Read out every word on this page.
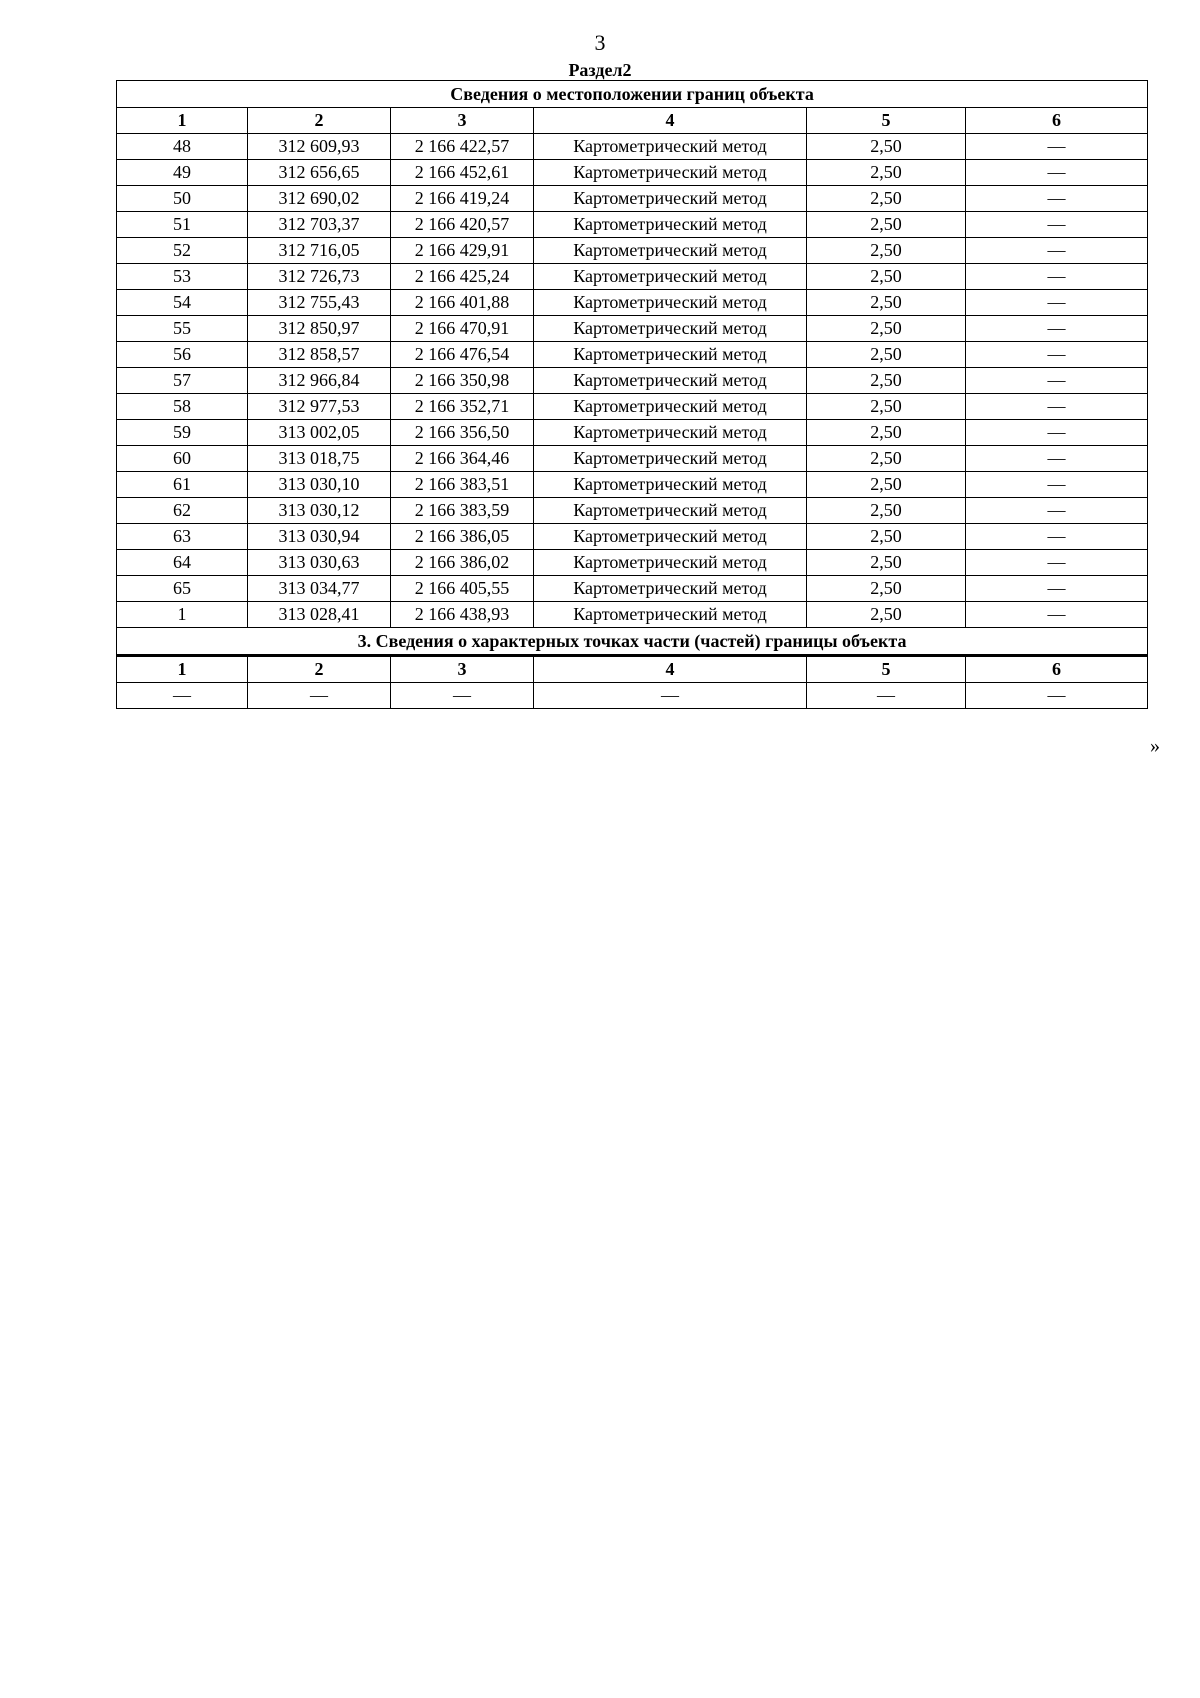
3
Раздел2
Сведения о местоположении границ объекта					
1	2	3	4	5	6
48	312 609,93	2 166 422,57	Картометрический метод	2,50	—
49	312 656,65	2 166 452,61	Картометрический метод	2,50	—
50	312 690,02	2 166 419,24	Картометрический метод	2,50	—
51	312 703,37	2 166 420,57	Картометрический метод	2,50	—
52	312 716,05	2 166 429,91	Картометрический метод	2,50	—
53	312 726,73	2 166 425,24	Картометрический метод	2,50	—
54	312 755,43	2 166 401,88	Картометрический метод	2,50	—
55	312 850,97	2 166 470,91	Картометрический метод	2,50	—
56	312 858,57	2 166 476,54	Картометрический метод	2,50	—
57	312 966,84	2 166 350,98	Картометрический метод	2,50	—
58	312 977,53	2 166 352,71	Картометрический метод	2,50	—
59	313 002,05	2 166 356,50	Картометрический метод	2,50	—
60	313 018,75	2 166 364,46	Картометрический метод	2,50	—
61	313 030,10	2 166 383,51	Картометрический метод	2,50	—
62	313 030,12	2 166 383,59	Картометрический метод	2,50	—
63	313 030,94	2 166 386,05	Картометрический метод	2,50	—
64	313 030,63	2 166 386,02	Картометрический метод	2,50	—
65	313 034,77	2 166 405,55	Картометрический метод	2,50	—
1	313 028,41	2 166 438,93	Картометрический метод	2,50	—
3. Сведения о характерных точках части (частей) границы объекта					
1	2	3	4	5	6
—	—	—	—	—	—
»
